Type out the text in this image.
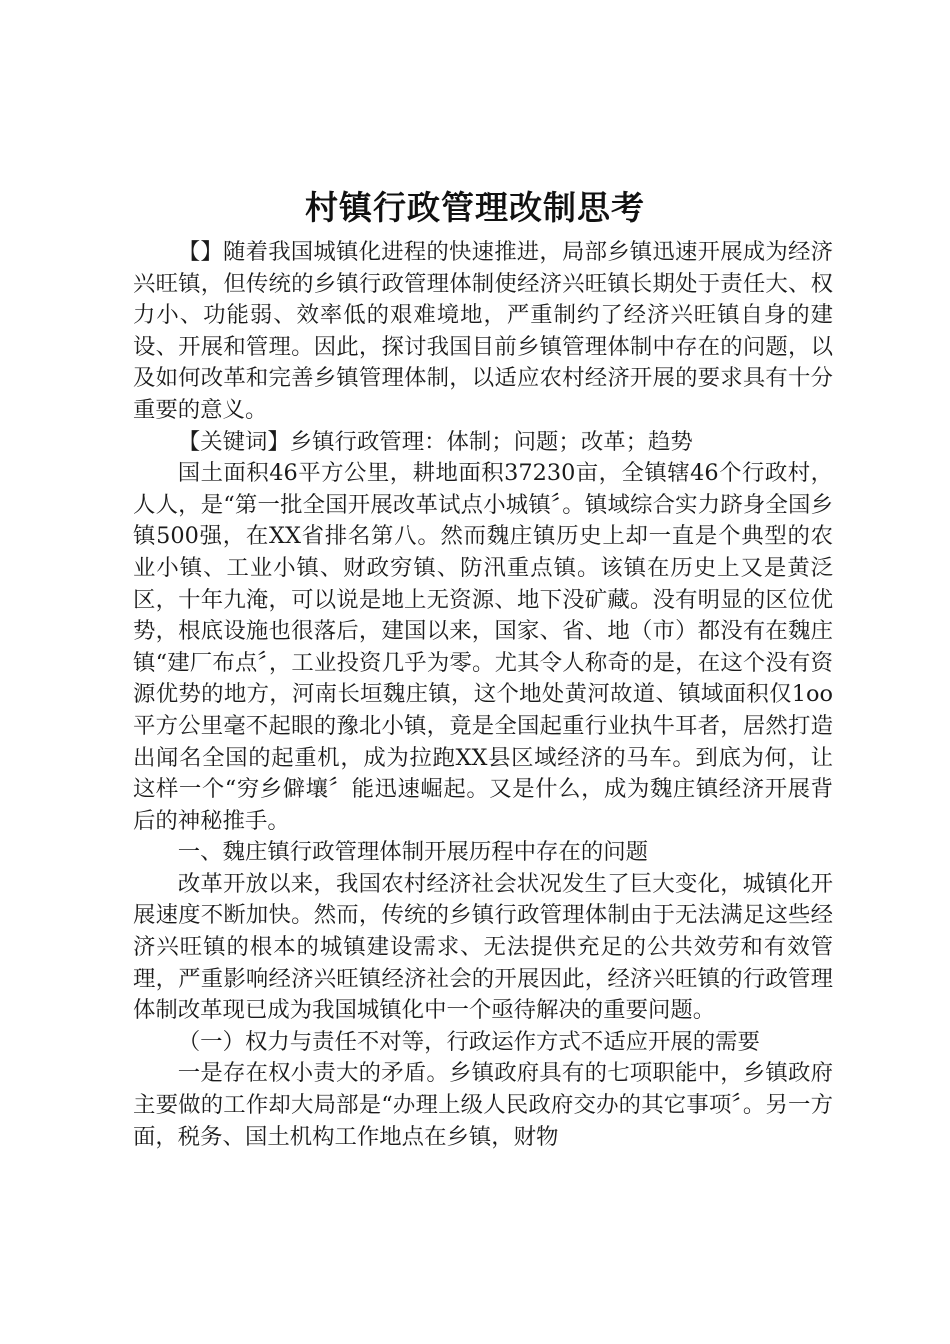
村镇行政管理改制思考

【】随着我国城镇化进程的快速推进，局部乡镇迅速开展成为经济兴旺镇，但传统的乡镇行政管理体制使经济兴旺镇长期处于责任大、权力小、功能弱、效率低的艰难境地，严重制约了经济兴旺镇自身的建设、开展和管理。因此，探讨我国目前乡镇管理体制中存在的问题，以及如何改革和完善乡镇管理体制，以适应农村经济开展的要求具有十分重要的意义。

【关键词】乡镇行政管理：体制；问题；改革；趋势

国土面积46平方公里，耕地面积37230亩，全镇辖46个行政村，人人，是“第一批全国开展改革试点小城镇〞。镇域综合实力跻身全国乡镇500强，在XX省排名第八。然而魏庄镇历史上却一直是个典型的农业小镇、工业小镇、财政穷镇、防汛重点镇。该镇在历史上又是黄泛区，十年九淹，可以说是地上无资源、地下没矿藏。没有明显的区位优势，根底设施也很落后，建国以来，国家、省、地（市）都没有在魏庄镇“建厂布点〞，工业投资几乎为零。尤其令人称奇的是，在这个没有资源优势的地方，河南长垣魏庄镇，这个地处黄河故道、镇域面积仅1oo平方公里毫不起眼的豫北小镇，竟是全国起重行业执牛耳者，居然打造出闻名全国的起重机，成为拉跑XX县区域经济的马车。到底为何，让这样一个“穷乡僻壤〞能迅速崛起。又是什么，成为魏庄镇经济开展背后的神秘推手。

一、魏庄镇行政管理体制开展历程中存在的问题

改革开放以来，我国农村经济社会状况发生了巨大变化，城镇化开展速度不断加快。然而，传统的乡镇行政管理体制由于无法满足这些经济兴旺镇的根本的城镇建设需求、无法提供充足的公共效劳和有效管理，严重影响经济兴旺镇经济社会的开展因此，经济兴旺镇的行政管理体制改革现已成为我国城镇化中一个亟待解决的重要问题。

（一）权力与责任不对等，行政运作方式不适应开展的需要

一是存在权小责大的矛盾。乡镇政府具有的七项职能中，乡镇政府主要做的工作却大局部是“办理上级人民政府交办的其它事项〞。另一方面，税务、国土机构工作地点在乡镇，财物
